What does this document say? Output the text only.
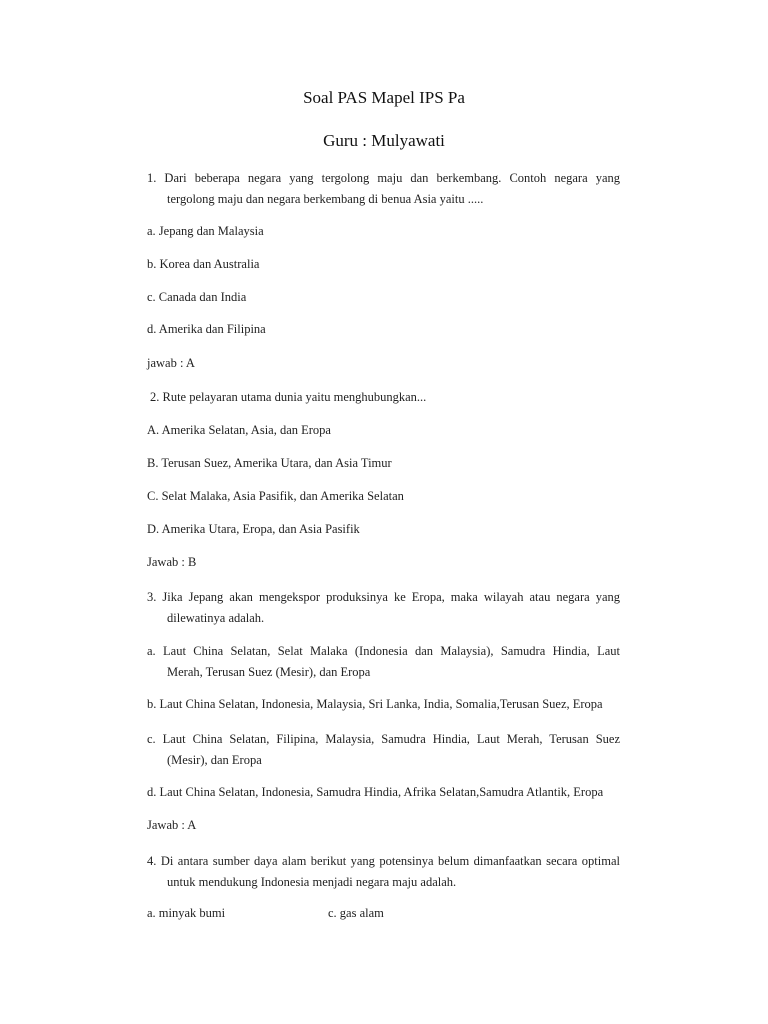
Soal PAS Mapel IPS Pa
Guru : Mulyawati
1. Dari beberapa negara yang tergolong maju dan berkembang. Contoh negara yang
tergolong maju dan negara berkembang di benua Asia yaitu .....
a. Jepang dan Malaysia
b. Korea dan Australia
c. Canada dan India
d. Amerika dan Filipina
jawab : A
2. Rute pelayaran utama dunia yaitu menghubungkan...
A. Amerika Selatan, Asia, dan Eropa
B. Terusan Suez, Amerika Utara, dan Asia Timur
C. Selat Malaka, Asia Pasifik, dan Amerika Selatan
D. Amerika Utara, Eropa, dan Asia Pasifik
Jawab : B
3. Jika Jepang akan mengekspor produksinya ke Eropa, maka wilayah atau negara yang
dilewatinya adalah.
a. Laut China Selatan, Selat Malaka (Indonesia dan Malaysia), Samudra Hindia, Laut
Merah, Terusan Suez (Mesir), dan Eropa
b. Laut China Selatan, Indonesia, Malaysia, Sri Lanka, India, Somalia,Terusan Suez, Eropa
c. Laut China Selatan, Filipina, Malaysia, Samudra Hindia, Laut Merah, Terusan Suez
(Mesir), dan Eropa
d. Laut China Selatan, Indonesia, Samudra Hindia, Afrika Selatan,Samudra Atlantik, Eropa
Jawab : A
4. Di antara sumber daya alam berikut yang potensinya belum dimanfaatkan secara optimal
untuk mendukung Indonesia menjadi negara maju adalah.
a. minyak bumi	c. gas alam
